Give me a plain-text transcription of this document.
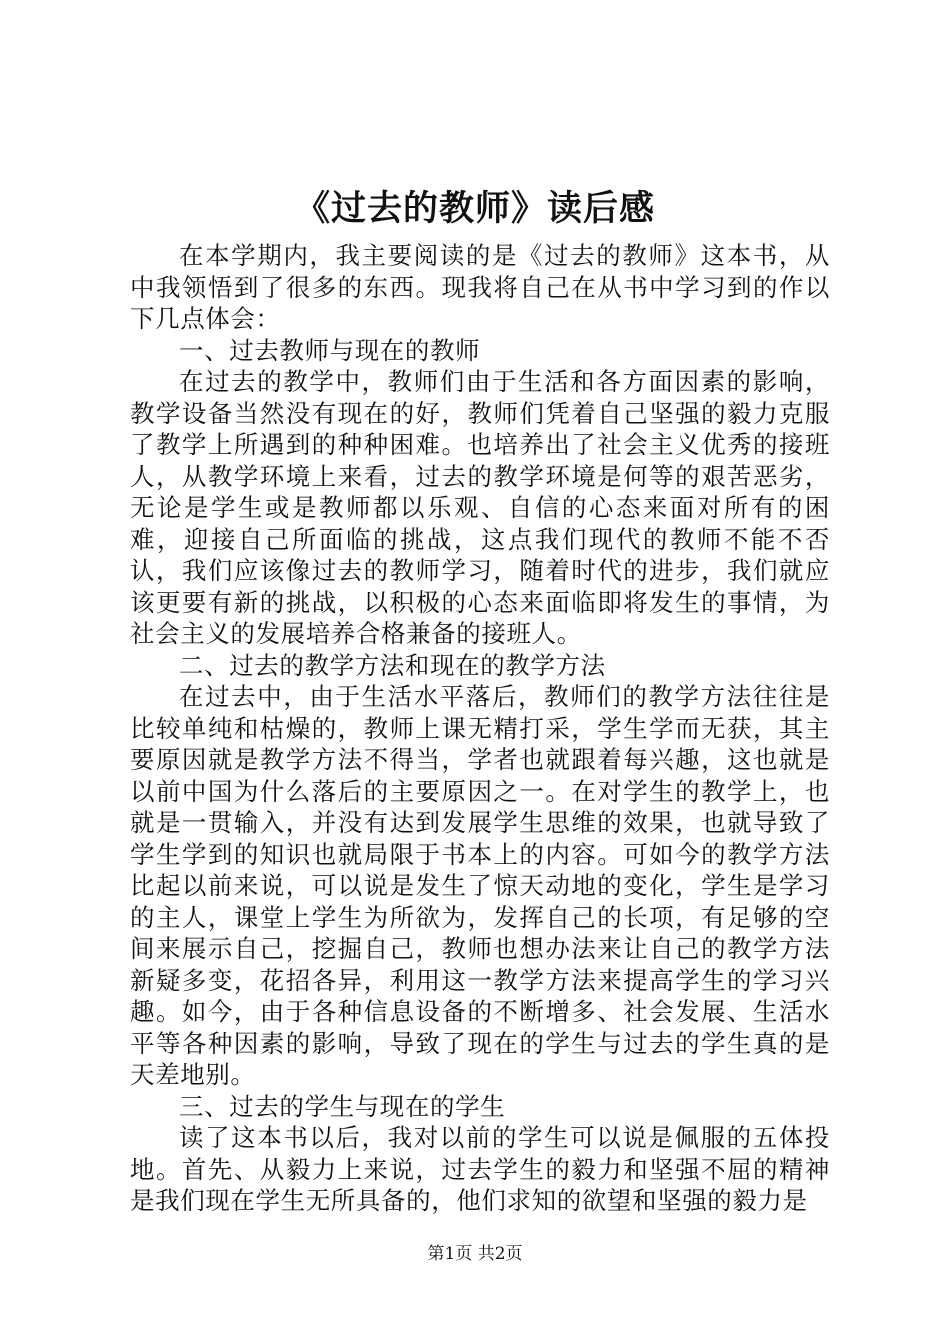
《过去的教师》读后感

在本学期内，我主要阅读的是《过去的教师》这本书，从中我领悟到了很多的东西。现我将自己在从书中学习到的作以下几点体会：

一、过去教师与现在的教师

在过去的教学中，教师们由于生活和各方面因素的影响，教学设备当然没有现在的好，教师们凭着自己坚强的毅力克服了教学上所遇到的种种困难。也培养出了社会主义优秀的接班人，从教学环境上来看，过去的教学环境是何等的艰苦恶劣，无论是学生或是教师都以乐观、自信的心态来面对所有的困难，迎接自己所面临的挑战，这点我们现代的教师不能不否认，我们应该像过去的教师学习，随着时代的进步，我们就应该更要有新的挑战，以积极的心态来面临即将发生的事情，为社会主义的发展培养合格兼备的接班人。

二、过去的教学方法和现在的教学方法

在过去中，由于生活水平落后，教师们的教学方法往往是比较单纯和枯燥的，教师上课无精打采，学生学而无获，其主要原因就是教学方法不得当，学者也就跟着每兴趣，这也就是以前中国为什么落后的主要原因之一。在对学生的教学上，也就是一贯输入，并没有达到发展学生思维的效果，也就导致了学生学到的知识也就局限于书本上的内容。可如今的教学方法比起以前来说，可以说是发生了惊天动地的变化，学生是学习的主人，课堂上学生为所欲为，发挥自己的长项，有足够的空间来展示自己，挖掘自己，教师也想办法来让自己的教学方法新疑多变，花招各异，利用这一教学方法来提高学生的学习兴趣。如今，由于各种信息设备的不断增多、社会发展、生活水平等各种因素的影响，导致了现在的学生与过去的学生真的是天差地别。

三、过去的学生与现在的学生

读了这本书以后，我对以前的学生可以说是佩服的五体投地。首先、从毅力上来说，过去学生的毅力和坚强不屈的精神是我们现在学生无所具备的，他们求知的欲望和坚强的毅力是

第1页 共2页
